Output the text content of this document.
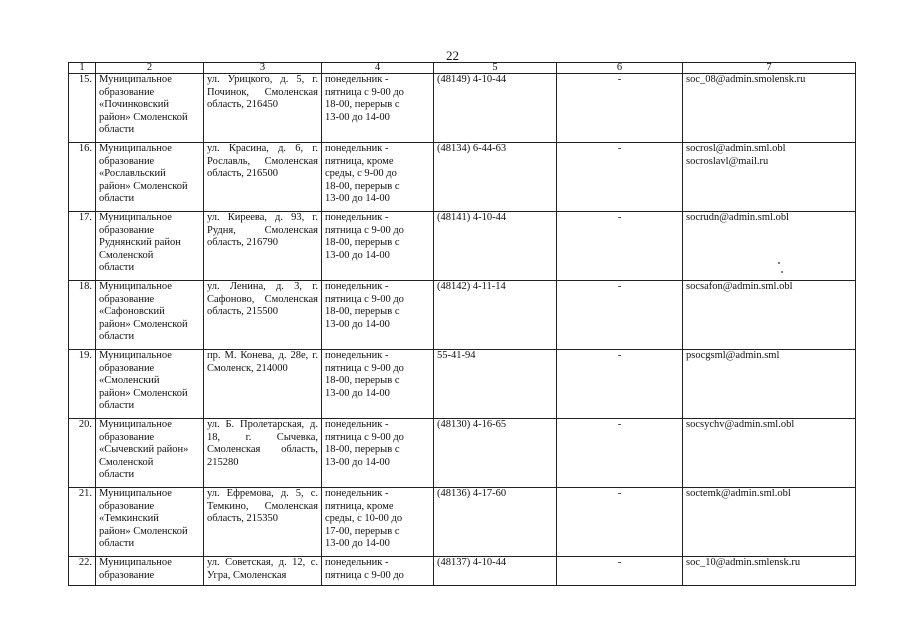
22
1	2	3	4	5	6	7
15.	Муниципальное
образование
«Починковский
район» Смоленской
области	ул. Урицкого, д. 5, г. Починок, Смоленская область, 216450	понедельник -
пятница с 9-00 до
18-00, перерыв с
13-00 до 14-00	(48149) 4-10-44	-	soc_08@admin.smolensk.ru

16.	Муниципальное
образование
«Рославльский
район» Смоленской
области	ул. Красина, д. 6, г. Рославль, Смоленская область, 216500	понедельник -
пятница, кроме
среды, с 9-00 до
18-00, перерыв с
13-00 до 14-00	(48134) 6-44-63	-	socrosl@admin.sml.obl
socroslavl@mail.ru

17.	Муниципальное
образование
Руднянский район
Смоленской
области	ул. Киреева, д. 93, г. Рудня, Смоленская область, 216790	понедельник -
пятница с 9-00 до
18-00, перерыв с
13-00 до 14-00	(48141) 4-10-44	-	socrudn@admin.sml.obl

18.	Муниципальное
образование
«Сафоновский
район» Смоленской
области	ул. Ленина, д. 3, г. Сафоново, Смоленская область, 215500	понедельник -
пятница с 9-00 до
18-00, перерыв с
13-00 до 14-00	(48142) 4-11-14	-	socsafon@admin.sml.obl

19.	Муниципальное
образование
«Смоленский
район» Смоленской
области	пр. М. Конева, д. 28е, г. Смоленск, 214000	понедельник -
пятница с 9-00 до
18-00, перерыв с
13-00 до 14-00	55-41-94	-	psocgsml@admin.sml

20.	Муниципальное
образование
«Сычевский район»
Смоленской
области	ул. Б. Пролетарская, д. 18, г. Сычевка, Смоленская область, 215280	понедельник -
пятница с 9-00 до
18-00, перерыв с
13-00 до 14-00	(48130) 4-16-65	-	socsychv@admin.sml.obl

21.	Муниципальное
образование
«Темкинский
район» Смоленской
области	ул. Ефремова, д. 5, с. Темкино, Смоленская область, 215350	понедельник -
пятница, кроме
среды, с 10-00 до
17-00, перерыв с
13-00 до 14-00	(48136) 4-17-60	-	soctemk@admin.sml.obl

22.	Муниципальное
образование	ул. Советская, д. 12, с. Угра, Смоленская	понедельник -
пятница с 9-00 до	(48137) 4-10-44	-	soc_10@admin.smlensk.ru
